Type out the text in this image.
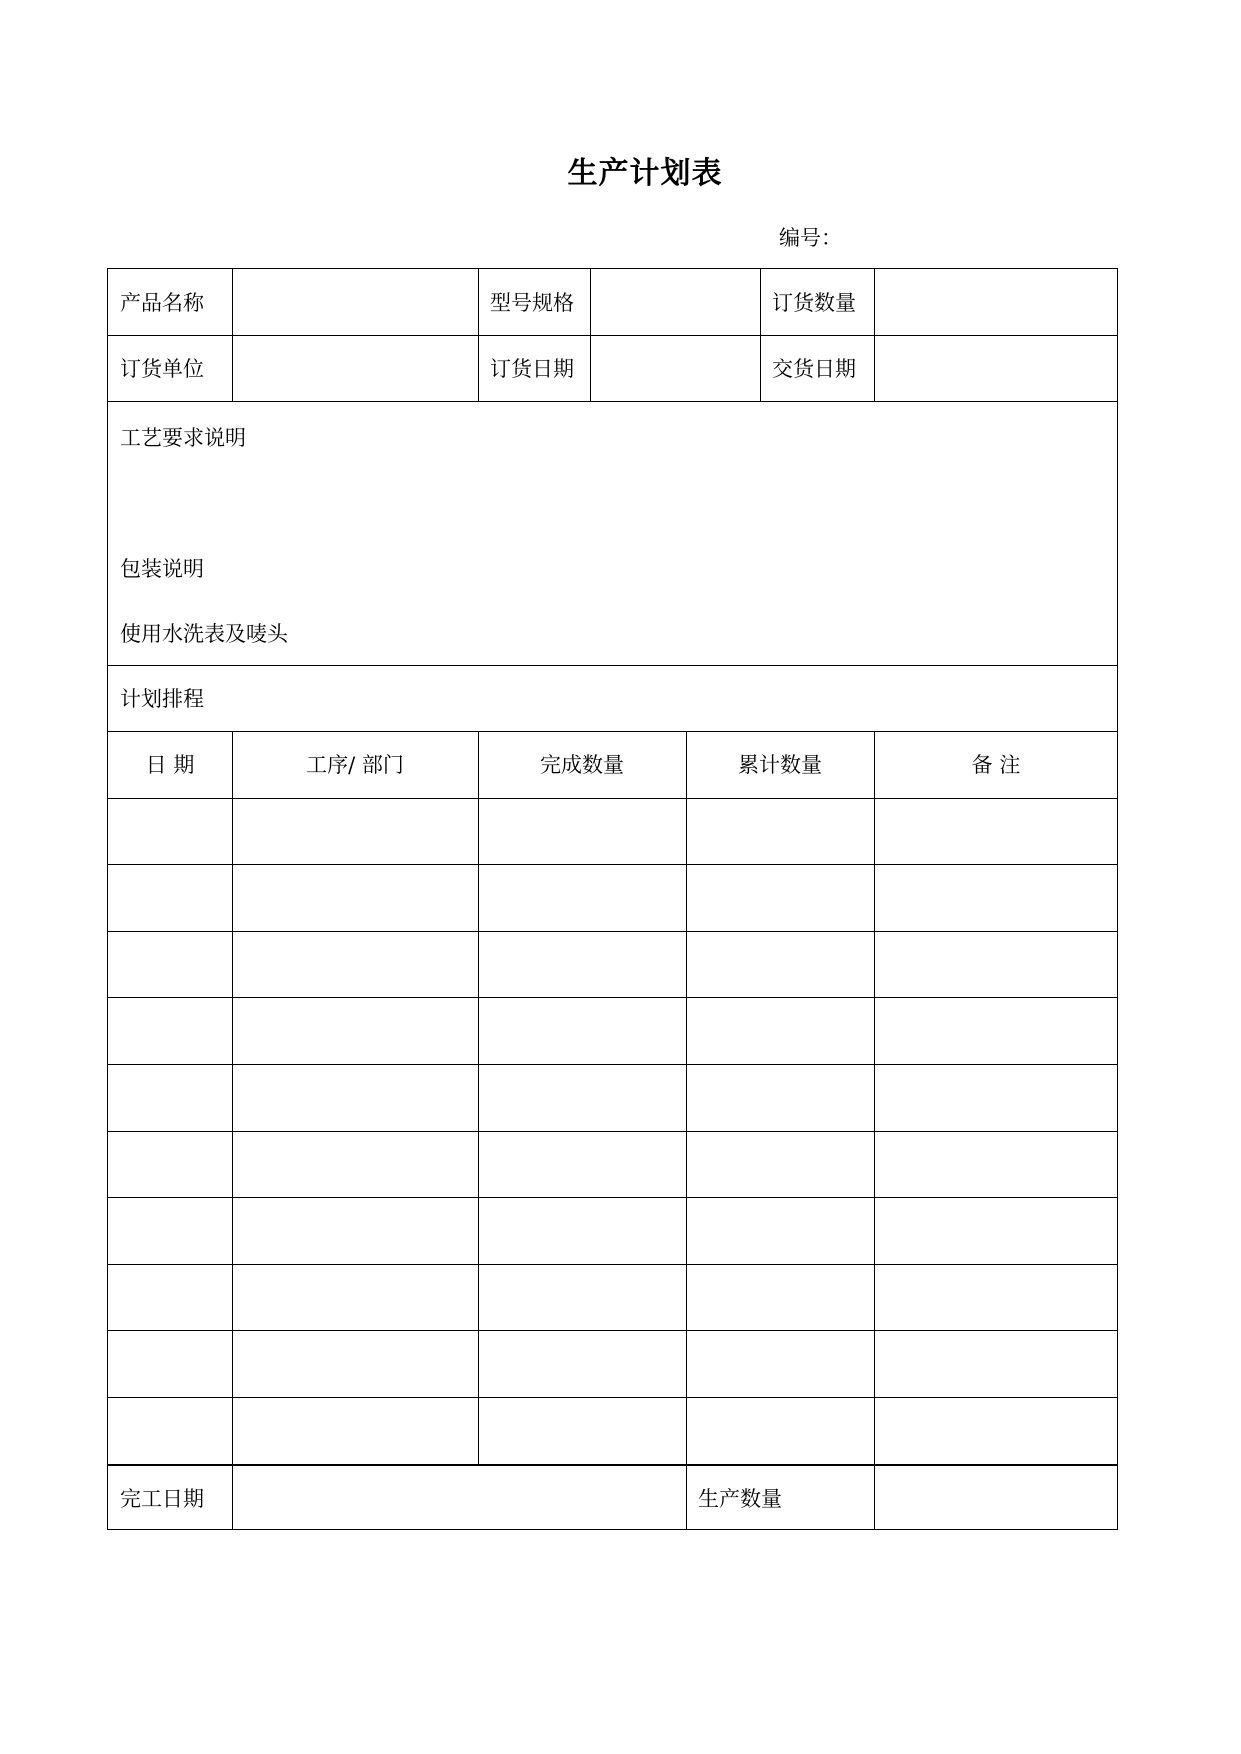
生产计划表
编号：
产品名称	型号规格	订货数量
订货单位	订货日期	交货日期
工艺要求说明
包装说明
使用水洗表及唛头
计划排程
日 期	工序/ 部门	完成数量	累计数量	备 注
完工日期	生产数量
